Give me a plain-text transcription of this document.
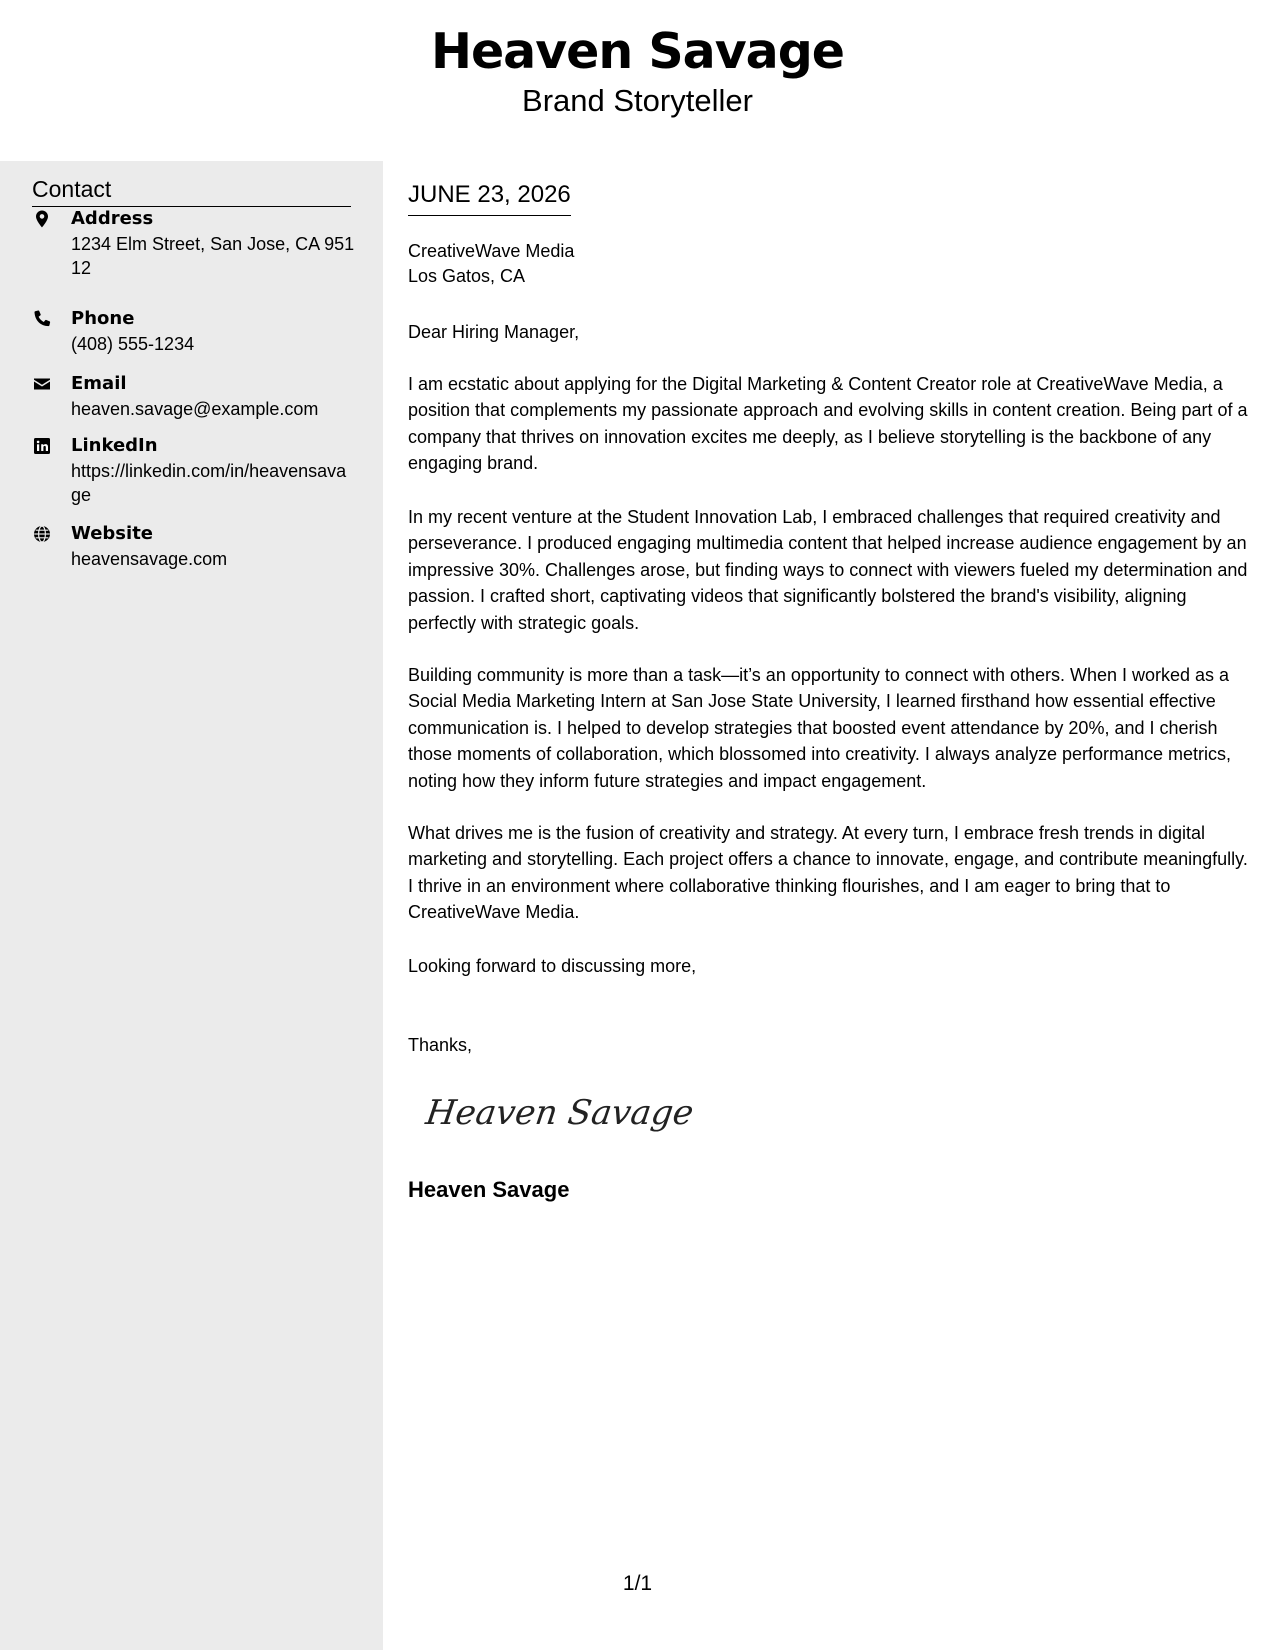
Heaven Savage
Brand Storyteller
Contact
Address
1234 Elm Street, San Jose, CA 95112
Phone
(408) 555-1234
Email
heaven.savage@example.com
LinkedIn
https://linkedin.com/in/heavensavage
Website
heavensavage.com
JUNE 23, 2026
CreativeWave Media
Los Gatos, CA
Dear Hiring Manager,
I am ecstatic about applying for the Digital Marketing & Content Creator role at CreativeWave Media, a position that complements my passionate approach and evolving skills in content creation. Being part of a company that thrives on innovation excites me deeply, as I believe storytelling is the backbone of any engaging brand.
In my recent venture at the Student Innovation Lab, I embraced challenges that required creativity and perseverance. I produced engaging multimedia content that helped increase audience engagement by an impressive 30%. Challenges arose, but finding ways to connect with viewers fueled my determination and passion. I crafted short, captivating videos that significantly bolstered the brand's visibility, aligning perfectly with strategic goals.
Building community is more than a task—it’s an opportunity to connect with others. When I worked as a Social Media Marketing Intern at San Jose State University, I learned firsthand how essential effective communication is. I helped to develop strategies that boosted event attendance by 20%, and I cherish those moments of collaboration, which blossomed into creativity. I always analyze performance metrics, noting how they inform future strategies and impact engagement.
What drives me is the fusion of creativity and strategy. At every turn, I embrace fresh trends in digital marketing and storytelling. Each project offers a chance to innovate, engage, and contribute meaningfully. I thrive in an environment where collaborative thinking flourishes, and I am eager to bring that to CreativeWave Media.
Looking forward to discussing more,
Thanks,
Heaven Savage
Heaven Savage
1/1
